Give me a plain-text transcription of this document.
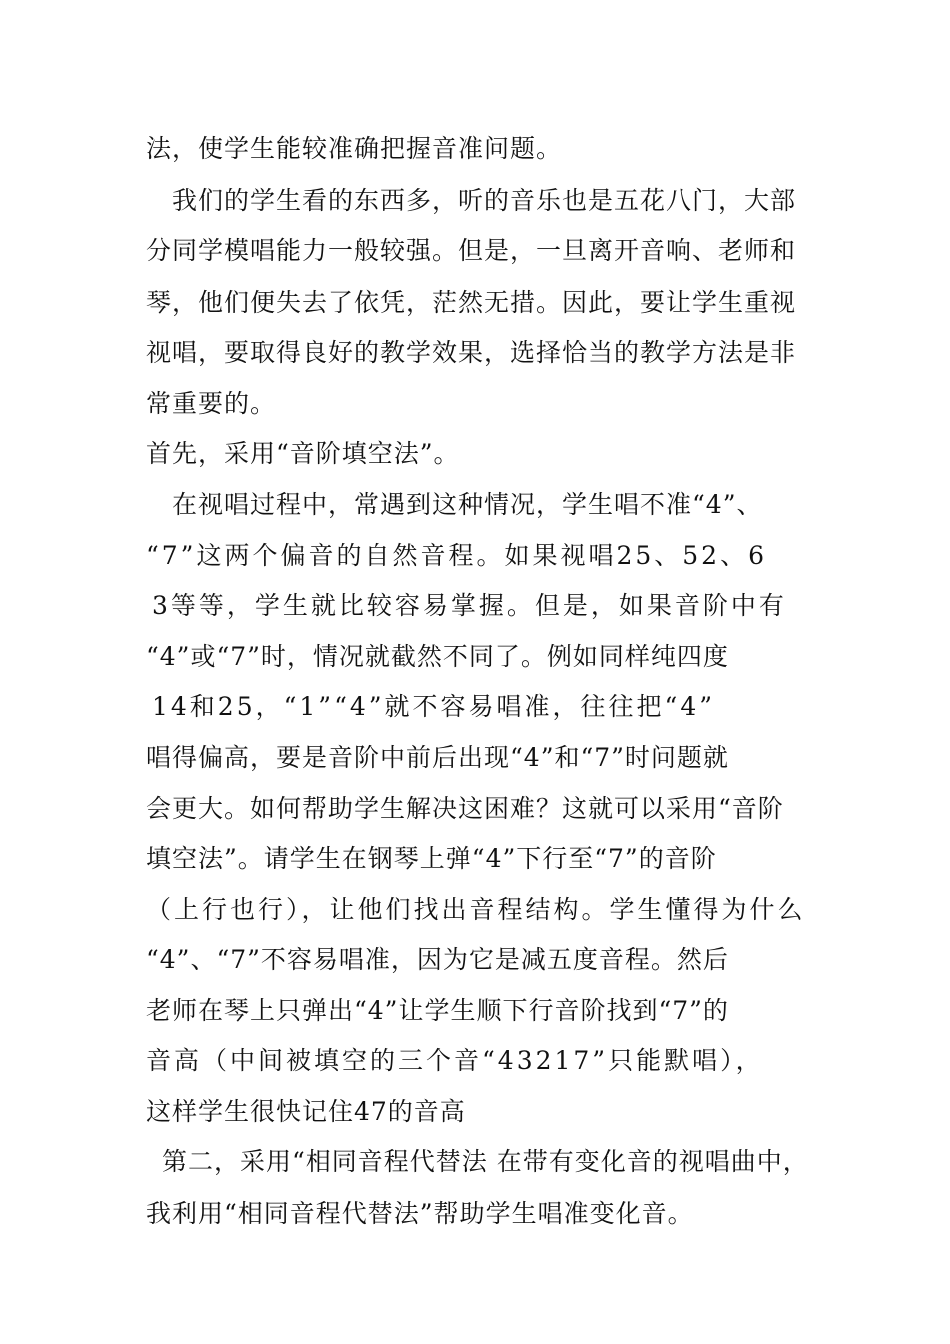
法，使学生能较准确把握音准问题。
我们的学生看的东西多，听的音乐也是五花八门，大部
分同学模唱能力一般较强。但是，一旦离开音响、老师和
琴，他们便失去了依凭，茫然无措。因此，要让学生重视
视唱，要取得良好的教学效果，选择恰当的教学方法是非
常重要的。
首先，采用“音阶填空法”。
在视唱过程中，常遇到这种情况，学生唱不准“4”、
“7”这两个偏音的自然音程。如果视唱25、52、6
3等等，学生就比较容易掌握。但是，如果音阶中有
“4”或“7”时，情况就截然不同了。例如同样纯四度
14和25，“1”“4”就不容易唱准，往往把“4”
唱得偏高，要是音阶中前后出现“4”和“7”时问题就
会更大。如何帮助学生解决这困难？这就可以采用“音阶
填空法”。请学生在钢琴上弹“4”下行至“7”的音阶
（上行也行），让他们找出音程结构。学生懂得为什么
“4”、“7”不容易唱准，因为它是减五度音程。然后
老师在琴上只弹出“4”让学生顺下行音阶找到“7”的
音高（中间被填空的三个音“43217”只能默唱），
这样学生很快记住47的音高
第二，采用“相同音程代替法 在带有变化音的视唱曲中，
我利用“相同音程代替法”帮助学生唱准变化音。
